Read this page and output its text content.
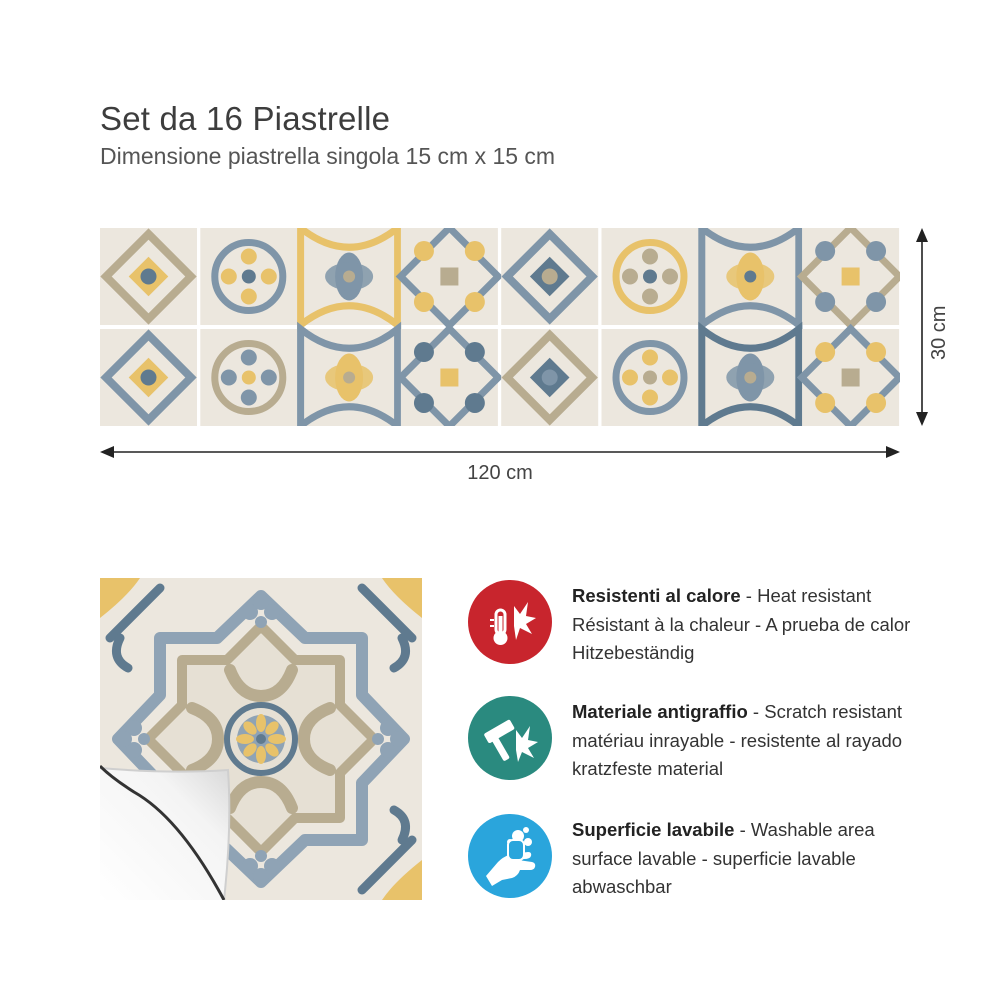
Set da 16 Piastrelle
Dimensione piastrella singola 15 cm x 15 cm
120 cm
30 cm
Resistenti al calore - Heat resistant
Résistant à la chaleur - A prueba de calor
Hitzebeständig
Materiale antigraffio - Scratch resistant
matériau inrayable - resistente al rayado
kratzfeste material
Superficie lavabile - Washable area
surface lavable - superficie lavable
abwaschbar
